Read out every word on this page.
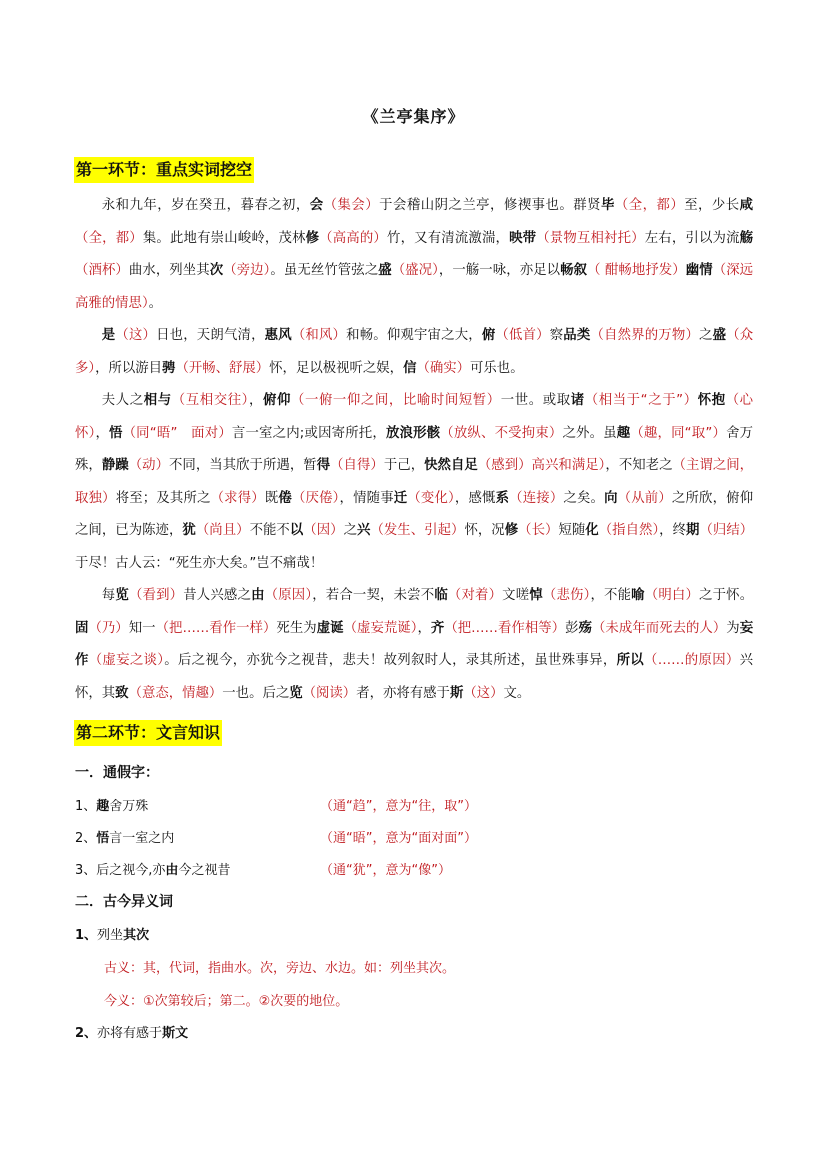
《兰亭集序》
第一环节：重点实词挖空
永和九年，岁在癸丑，暮春之初，会（集会）于会稽山阴之兰亭，修禊事也。群贤毕（全，都）至，少长咸（全，都）集。此地有崇山峻岭，茂林修（高高的）竹，又有清流激湍，映带（景物互相衬托）左右，引以为流觞（酒杯）曲水，列坐其次（旁边）。虽无丝竹管弦之盛（盛况），一觞一咏，亦足以畅叙（ 酣畅地抒发）幽情（深远高雅的情思）。
是（这）日也，天朗气清，惠风（和风）和畅。仰观宇宙之大，俯（低首）察品类（自然界的万物）之盛（众多），所以游目骋（开畅、舒展）怀，足以极视听之娱，信（确实）可乐也。
夫人之相与（互相交往），俯仰（一俯一仰之间，比喻时间短暂）一世。或取诸（相当于“之于”）怀抱（心怀），悟（同“晤”　面对）言一室之内;或因寄所托，放浪形骸（放纵、不受拘束）之外。虽趣（趣，同“取”）舍万殊，静躁（动）不同，当其欣于所遇，暂得（自得）于己，快然自足（感到）高兴和满足），不知老之（主谓之间，取独）将至；及其所之（求得）既倦（厌倦），情随事迁（变化），感慨系（连接）之矣。向（从前）之所欣，俯仰之间，已为陈迹，犹（尚且）不能不以（因）之兴（发生、引起）怀，况修（长）短随化（指自然），终期（归结）于尽！古人云：“死生亦大矣。”岂不痛哉！
每览（看到）昔人兴感之由（原因），若合一契，未尝不临（对着）文嗟悼（悲伤），不能喻（明白）之于怀。固（乃）知一（把……看作一样）死生为虚诞（虚妄荒诞），齐（把……看作相等）彭殇（未成年而死去的人）为妄作（虚妄之谈）。后之视今，亦犹今之视昔，悲夫！故列叙时人，录其所述，虽世殊事异，所以（……的原因）兴怀，其致（意态，情趣）一也。后之览（阅读）者，亦将有感于斯（这）文。
第二环节：文言知识
一．通假字：
1、趣舍万殊	（通“趋”，意为“往，取”）
2、悟言一室之内	（通“晤”，意为“面对面”）
3、后之视今,亦由今之视昔	（通“犹”，意为“像”）
二．古今异义词
1、列坐其次
古义：其，代词，指曲水。次，旁边、水边。如：列坐其次。
今义：①次第较后；第二。②次要的地位。
2、亦将有感于斯文
